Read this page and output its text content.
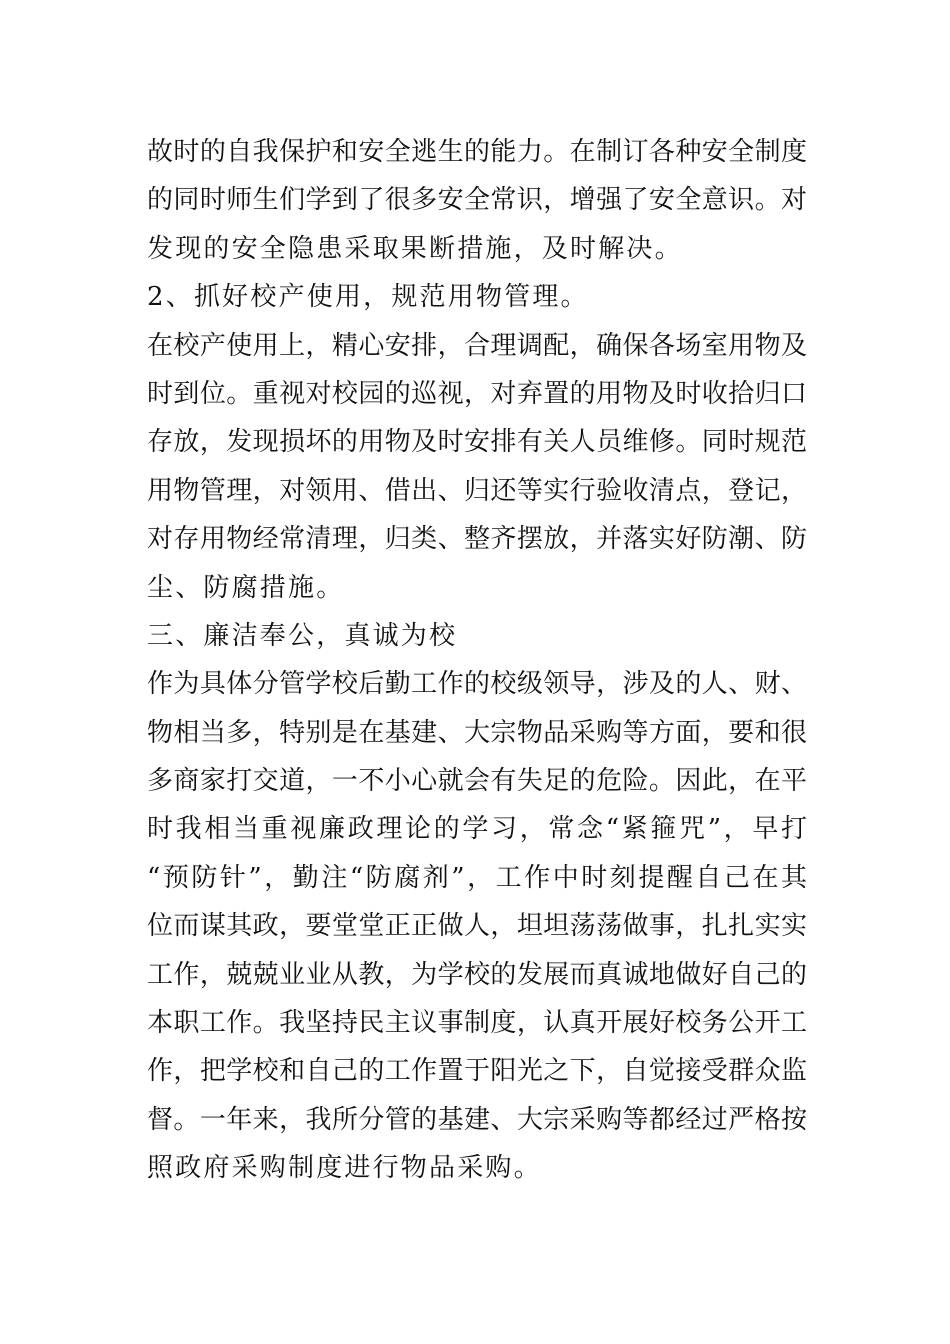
故时的自我保护和安全逃生的能力。在制订各种安全制度
的同时师生们学到了很多安全常识，增强了安全意识。对
发现的安全隐患采取果断措施，及时解决。
2、抓好校产使用，规范用物管理。
在校产使用上，精心安排，合理调配，确保各场室用物及
时到位。重视对校园的巡视，对弃置的用物及时收拾归口
存放，发现损坏的用物及时安排有关人员维修。同时规范
用物管理，对领用、借出、归还等实行验收清点，登记，
对存用物经常清理，归类、整齐摆放，并落实好防潮、防
尘、防腐措施。
三、廉洁奉公，真诚为校
作为具体分管学校后勤工作的校级领导，涉及的人、财、
物相当多，特别是在基建、大宗物品采购等方面，要和很
多商家打交道，一不小心就会有失足的危险。因此，在平
时我相当重视廉政理论的学习，常念“紧箍咒”，早打
“预防针”，勤注“防腐剂”，工作中时刻提醒自己在其
位而谋其政，要堂堂正正做人，坦坦荡荡做事，扎扎实实
工作，兢兢业业从教，为学校的发展而真诚地做好自己的
本职工作。我坚持民主议事制度，认真开展好校务公开工
作，把学校和自己的工作置于阳光之下，自觉接受群众监
督。一年来，我所分管的基建、大宗采购等都经过严格按
照政府采购制度进行物品采购。
